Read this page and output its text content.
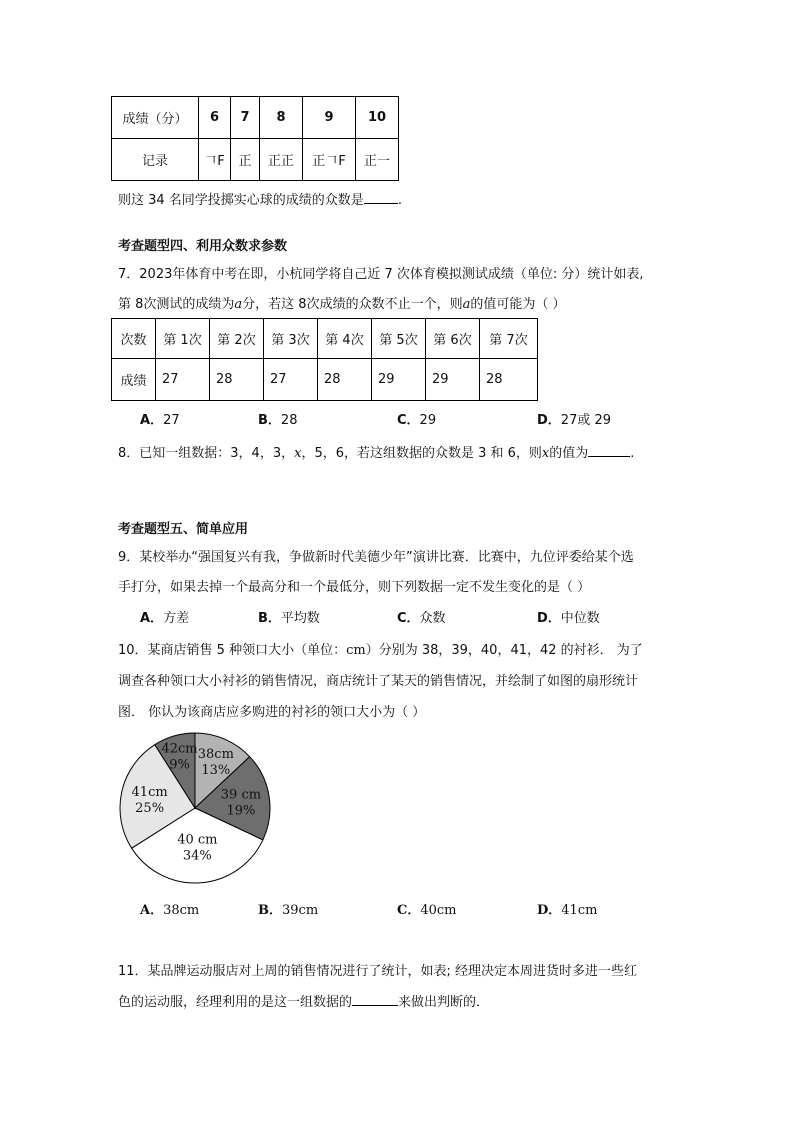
成绩（分）	6	7	8	9	10
记录	𠃍F	正	正正	正𠃍F	正一
则这 34 名同学投掷实心球的成绩的众数是	.
考查题型四、利用众数求参数
7．2023年体育中考在即，小杭同学将自己近 7 次体育模拟测试成绩（单位: 分）统计如表,
第 8次测试的成绩为a分，若这 8次成绩的众数不止一个，则a的值可能为（ ）
次数	第 1次	第 2次	第 3次	第 4次	第 5次	第 6次	第 7次
成绩	27	28	27	28	29	29	28
A．27	B．28	C．29	D．27或 29
8．已知一组数据：3，4，3，x，5，6，若这组数据的众数是 3 和 6，则x的值为	.
考查题型五、简单应用
9．某校举办“强国复兴有我，争做新时代美德少年”演讲比赛．比赛中，九位评委给某个选
手打分，如果去掉一个最高分和一个最低分，则下列数据一定不发生变化的是（ ）
A．方差	B．平均数	C．众数	D．中位数
10．某商店销售 5 种领口大小（单位：cm）分别为 38，39，40，41，42 的衬衫． 为了
调查各种领口大小衬衫的销售情况，商店统计了某天的销售情况，并绘制了如图的扇形统计
图． 你认为该商店应多购进的衬衫的领口大小为（ ）
38cm
13%
39 cm
19%
40 cm
34%
41cm
25%
42cm
9%
A．38cm	B．39cm	C．40cm	D．41cm
11．某品牌运动服店对上周的销售情况进行了统计，如表; 经理决定本周进货时多进一些红
色的运动服，经理利用的是这一组数据的	来做出判断的．
